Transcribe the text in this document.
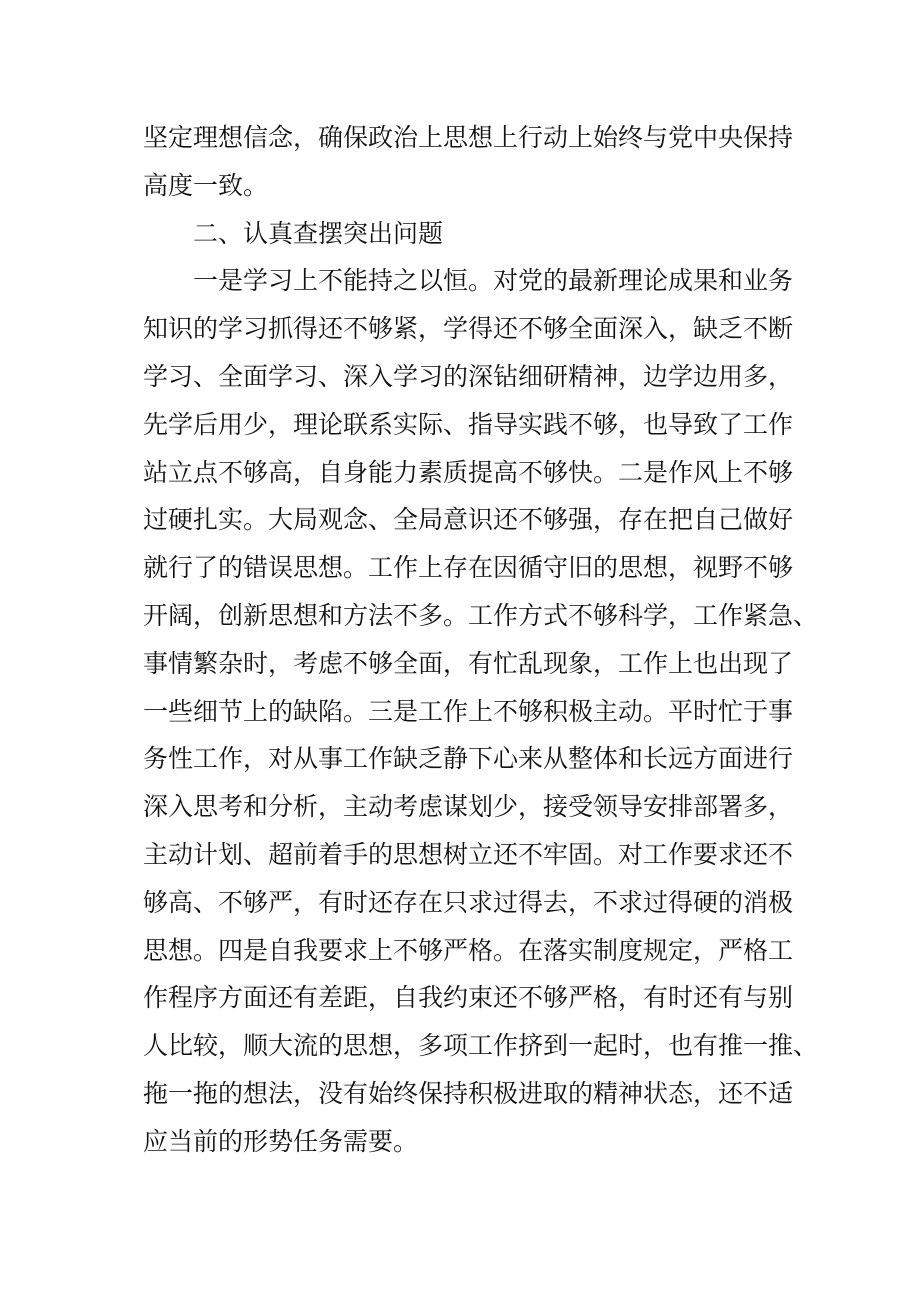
坚定理想信念，确保政治上思想上行动上始终与党中央保持
高度一致。
二、认真查摆突出问题
一是学习上不能持之以恒。对党的最新理论成果和业务
知识的学习抓得还不够紧，学得还不够全面深入，缺乏不断
学习、全面学习、深入学习的深钻细研精神，边学边用多，
先学后用少，理论联系实际、指导实践不够，也导致了工作
站立点不够高，自身能力素质提高不够快。二是作风上不够
过硬扎实。大局观念、全局意识还不够强，存在把自己做好
就行了的错误思想。工作上存在因循守旧的思想，视野不够
开阔，创新思想和方法不多。工作方式不够科学，工作紧急、
事情繁杂时，考虑不够全面，有忙乱现象，工作上也出现了
一些细节上的缺陷。三是工作上不够积极主动。平时忙于事
务性工作，对从事工作缺乏静下心来从整体和长远方面进行
深入思考和分析，主动考虑谋划少，接受领导安排部署多，
主动计划、超前着手的思想树立还不牢固。对工作要求还不
够高、不够严，有时还存在只求过得去，不求过得硬的消极
思想。四是自我要求上不够严格。在落实制度规定，严格工
作程序方面还有差距，自我约束还不够严格，有时还有与别
人比较，顺大流的思想，多项工作挤到一起时，也有推一推、
拖一拖的想法，没有始终保持积极进取的精神状态，还不适
应当前的形势任务需要。
